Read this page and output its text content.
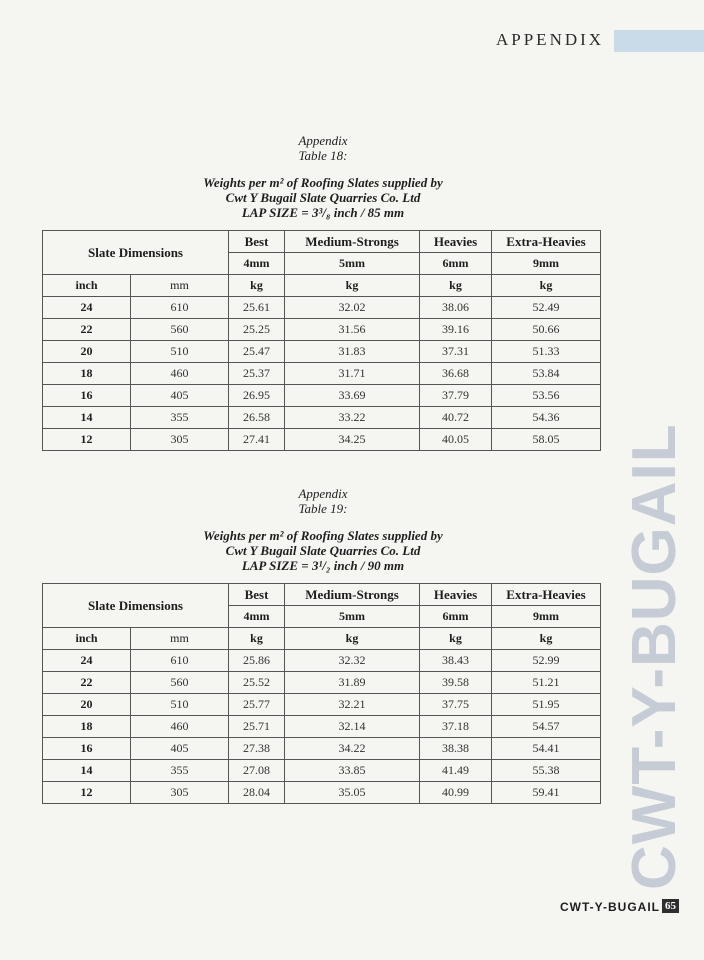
APPENDIX
CWT-Y-BUGAIL
Appendix
Table 18:
Weights per m² of Roofing Slates supplied by
Cwt Y Bugail Slate Quarries Co. Ltd
LAP SIZE = 3³/₈ inch / 85 mm
Slate Dimensions		Best	Medium-Strongs	Heavies	Extra-Heavies
		4mm	5mm	6mm	9mm
inch	mm	kg	kg	kg	kg
24	610	25.61	32.02	38.06	52.49
22	560	25.25	31.56	39.16	50.66
20	510	25.47	31.83	37.31	51.33
18	460	25.37	31.71	36.68	53.84
16	405	26.95	33.69	37.79	53.56
14	355	26.58	33.22	40.72	54.36
12	305	27.41	34.25	40.05	58.05
Appendix
Table 19:
Weights per m² of Roofing Slates supplied by
Cwt Y Bugail Slate Quarries Co. Ltd
LAP SIZE = 3¹/₂ inch / 90 mm
Slate Dimensions		Best	Medium-Strongs	Heavies	Extra-Heavies
		4mm	5mm	6mm	9mm
inch	mm	kg	kg	kg	kg
24	610	25.86	32.32	38.43	52.99
22	560	25.52	31.89	39.58	51.21
20	510	25.77	32.21	37.75	51.95
18	460	25.71	32.14	37.18	54.57
16	405	27.38	34.22	38.38	54.41
14	355	27.08	33.85	41.49	55.38
12	305	28.04	35.05	40.99	59.41
CWT-Y-BUGAIL 65
